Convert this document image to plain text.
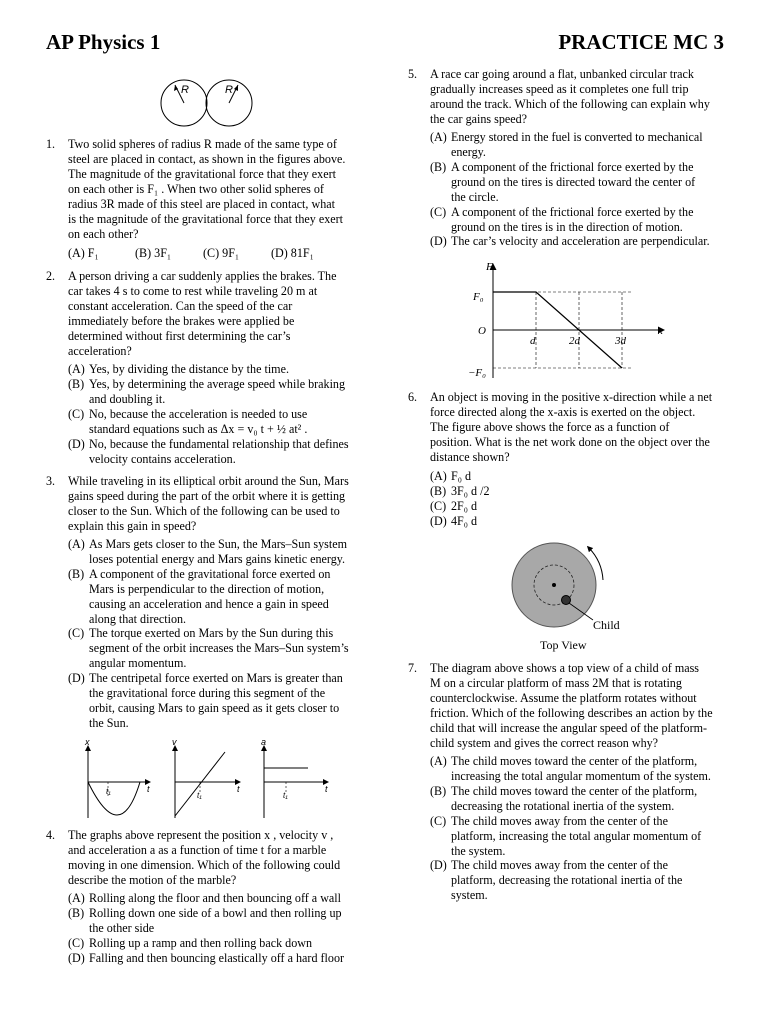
AP Physics 1	PRACTICE MC 3
R	R
1. Two solid spheres of radius R made of the same type of
steel are placed in contact, as shown in the figures above.
The magnitude of the gravitational force that they exert
on each other is F₁ . When two other solid spheres of
radius 3R made of this steel are placed in contact, what
is the magnitude of the gravitational force that they exert
on each other?
(A) F₁	(B) 3F₁	(C) 9F₁	(D) 81F₁
2. A person driving a car suddenly applies the brakes. The
car takes 4 s to come to rest while traveling 20 m at
constant acceleration. Can the speed of the car
immediately before the brakes were applied be
determined without first determining the car’s
acceleration?
(A) Yes, by dividing the distance by the time.
(B) Yes, by determining the average speed while braking
and doubling it.
(C) No, because the acceleration is needed to use
standard equations such as Δx = v₀ t + ½ at² .
(D) No, because the fundamental relationship that defines
velocity contains acceleration.
3. While traveling in its elliptical orbit around the Sun, Mars
gains speed during the part of the orbit where it is getting
closer to the Sun. Which of the following can be used to
explain this gain in speed?
(A) As Mars gets closer to the Sun, the Mars–Sun system
loses potential energy and Mars gains kinetic energy.
(B) A component of the gravitational force exerted on
Mars is perpendicular to the direction of motion,
causing an acceleration and hence a gain in speed
along that direction.
(C) The torque exerted on Mars by the Sun during this
segment of the orbit increases the Mars–Sun system’s
angular momentum.
(D) The centripetal force exerted on Mars is greater than
the gravitational force during this segment of the
orbit, causing Mars to gain speed as it gets closer to
the Sun.
x
t
t₁
v
t
t₁
a
t
t₁
4. The graphs above represent the position x , velocity v ,
and acceleration a as a function of time t for a marble
moving in one dimension. Which of the following could
describe the motion of the marble?
(A) Rolling along the floor and then bouncing off a wall
(B) Rolling down one side of a bowl and then rolling up
the other side
(C) Rolling up a ramp and then rolling back down
(D) Falling and then bouncing elastically off a hard floor
5. A race car going around a flat, unbanked circular track
gradually increases speed as it completes one full trip
around the track. Which of the following can explain why
the car gains speed?
(A) Energy stored in the fuel is converted to mechanical
energy.
(B) A component of the frictional force exerted by the
ground on the tires is directed toward the center of
the circle.
(C) A component of the frictional force exerted by the
ground on the tires is in the direction of motion.
(D) The car’s velocity and acceleration are perpendicular.
F
x
F₀
O
−F₀
d	2d	3d
6. An object is moving in the positive x-direction while a net
force directed along the x-axis is exerted on the object.
The figure above shows the force as a function of
position. What is the net work done on the object over the
distance shown?
(A) F₀ d
(B) 3F₀ d /2
(C) 2F₀ d
(D) 4F₀ d
Child
Top View
7. The diagram above shows a top view of a child of mass
M on a circular platform of mass 2M that is rotating
counterclockwise. Assume the platform rotates without
friction. Which of the following describes an action by the
child that will increase the angular speed of the platform-
child system and gives the correct reason why?
(A) The child moves toward the center of the platform,
increasing the total angular momentum of the system.
(B) The child moves toward the center of the platform,
decreasing the rotational inertia of the system.
(C) The child moves away from the center of the
platform, increasing the total angular momentum of
the system.
(D) The child moves away from the center of the
platform, decreasing the rotational inertia of the
system.
